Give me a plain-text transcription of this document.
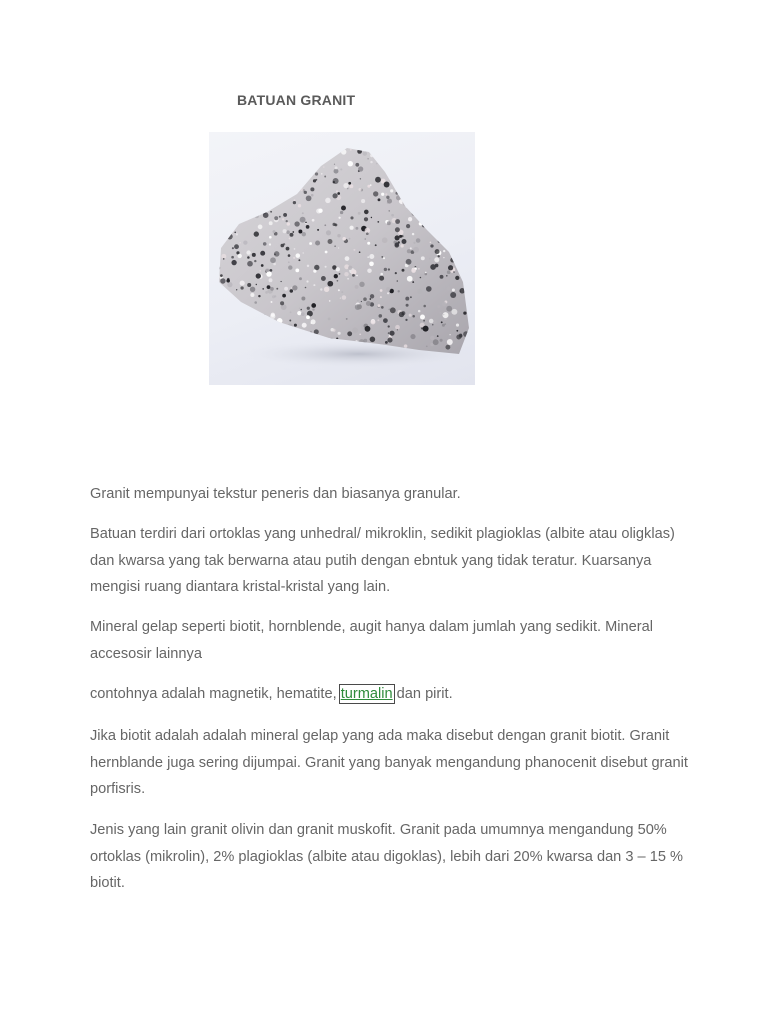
BATUAN GRANIT

Granit mempunyai tekstur peneris dan biasanya granular.

Batuan terdiri dari ortoklas yang unhedral/ mikroklin, sedikit plagioklas (albite atau oligklas) dan kwarsa yang tak berwarna atau putih dengan ebntuk yang tidak teratur. Kuarsanya mengisi ruang diantara kristal-kristal yang lain.

Mineral gelap seperti biotit, hornblende, augit hanya dalam jumlah yang sedikit. Mineral accesosir lainnya

contohnya adalah magnetik, hematite, turmalin dan pirit.

Jika biotit adalah adalah mineral gelap yang ada maka disebut dengan granit biotit. Granit hernblande juga sering dijumpai. Granit yang banyak mengandung phanocenit disebut granit porfisris.

Jenis yang lain granit olivin dan granit muskofit. Granit pada umumnya mengandung 50% ortoklas (mikrolin), 2% plagioklas (albite atau digoklas), lebih dari 20% kwarsa dan 3 – 15 % biotit.
